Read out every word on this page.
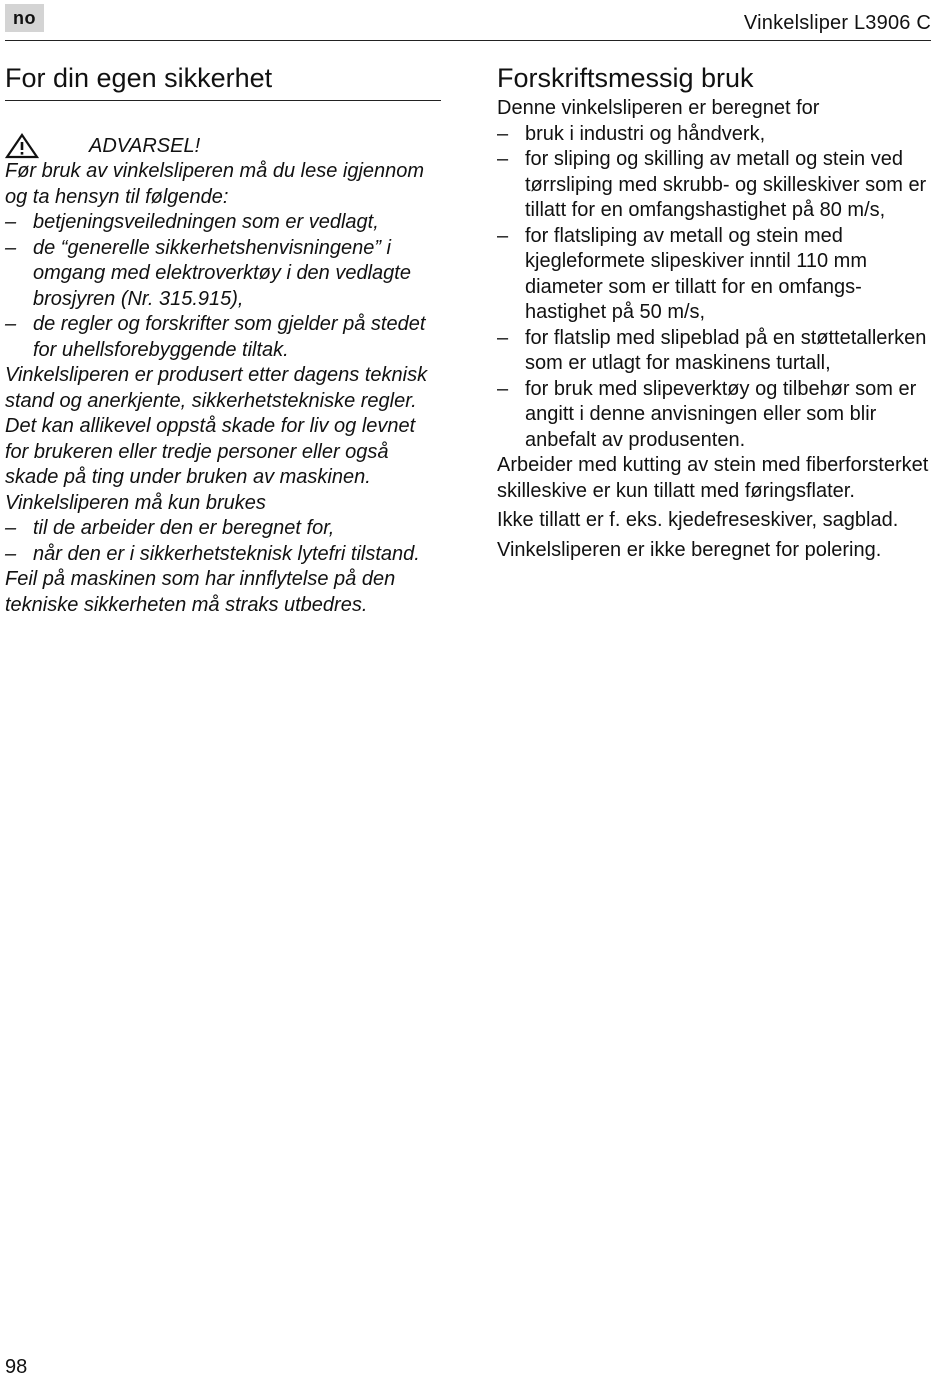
no	Vinkelsliper L3906 C
For din egen sikkerhet
ADVARSEL!

Før bruk av vinkelsliperen må du lese igjennom og ta hensyn til følgende:

– betjeningsveiledningen som er vedlagt,
– de “generelle sikkerhetshenvisningene” i omgang med elektroverktøy i den vedlagte brosjyren (Nr. 315.915),
– de regler og forskrifter som gjelder på stedet for uhellsforebyggende tiltak.

Vinkelsliperen er produsert etter dagens teknisk stand og anerkjente, sikkerhetstekniske regler. Det kan allikevel oppstå skade for liv og levnet for brukeren eller tredje personer eller også skade på ting under bruken av maskinen. Vinkelsliperen må kun brukes

– til de arbeider den er beregnet for,
– når den er i sikkerhetsteknisk lytefri tilstand.

Feil på maskinen som har innflytelse på den tekniske sikkerheten må straks utbedres.

Forskriftsmessig bruk

Denne vinkelsliperen er beregnet for

– bruk i industri og håndverk,
– for sliping og skilling av metall og stein ved tørrsliping med skrubb- og skilleskiver som er tillatt for en omfangshastighet på 80 m/s,
– for flatsliping av metall og stein med kjegleformete slipeskiver inntil 110 mm diameter som er tillatt for en omfangshastighet på 50 m/s,
– for flatslip med slipeblad på en støttetallerken som er utlagt for maskinens turtall,
– for bruk med slipeverktøy og tilbehør som er angitt i denne anvisningen eller som blir anbefalt av produsenten.

Arbeider med kutting av stein med fiberforsterket skilleskive er kun tillatt med føringsflater.

Ikke tillatt er f. eks. kjedefreseskiver, sagblad.

Vinkelsliperen er ikke beregnet for polering.

98
